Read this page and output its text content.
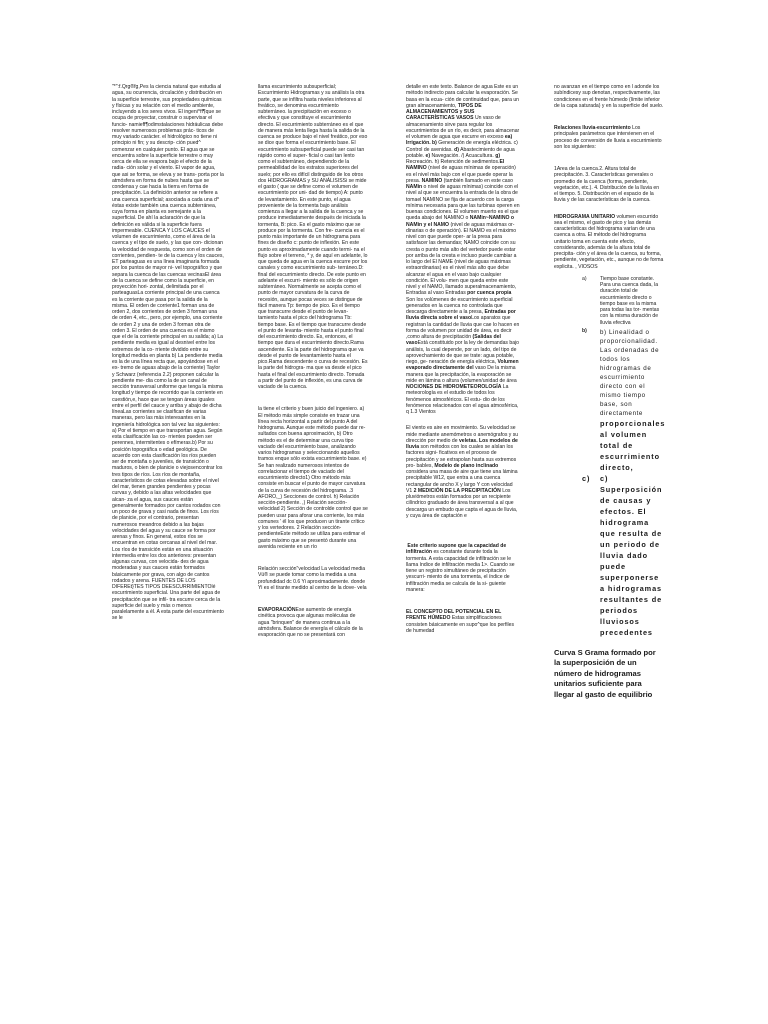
"*":f.Qrg®fg,Pes la ciencia natural que estudia al agua, su ocurrencia, circulación y distribución en la superficie terrestre, sus propiedades químicas y físicas y su relación con el medio ambiente, incluyendo a los seres vivos. El ingeni^ff¶que se ocupa de proyectar, construir o supervisar el funcio- namieff¶odimstalaciones hidráulicas debe resolver numerosos problemas prác- ticos de muy variado carácter. el hidrológico no tiene ni principio ni fin; y su descrip- ción pued^ comenzar en cualquier punto. El agua que se encuentra sobre la superficie terrestre o muy cerca de ella se evapora bajo el efecto de la radia- ción solar y el viento. El vapor de agua, que asi se forma, se eleva y se trans- porta por la atmósfera en forma de nubes hasta que se condensa y cae hacia la tierra en forma de precipitación. La definición anterior se refiere a una cuenca superficial; asociada a cada una d^ éstas existe también una cuenca subterránea, cuya forma en planta es semejante a la superficial. De ahí la aclaración de que la definición es válida si la superficie fuera impermeable. CUENCA Y LOS CAUCES el volumen de escurrimiento, como el área de la cuenca y el tipo de suelo, y las que con- dicionan la velocidad de respuesta, como son el orden de corrientes, pendien- te de la cuenca y los cauces, ET parteaguas es una línea imaginaria formada por los puntos de mayor ni- vel topográfico y que separa la cuenca de las cuencas vecinasEl área de la cuenca se define como la superficie, en proyección hori- zontal, delimitada por el parteaguasLa corriente principal de una cuenca es la corriente que pasa por la salida de la misma. El orden de corriente1 forman una de orden 2, dos corrientes de orden 3 forman una de orden 4, etc., pero, por ejemplo, una corriente de orden 2 y una de orden 3 forman otra de orden 3. El orden de una cuenca es el mismo que el de la corriente principal en su salida; a) La pendiente media es igual al desnivel entre los extremos de la co- rriente dividido entre su longitud medida en planta b) La pendiente media es la de una línea recta que, apoyándose en el ex- tremo de aguas abajo de la corriente) Taylor y Schwarz (referencia 2.2) proponen calcular la pendiente me- dia como la de un canal de sección transversal uniforme que tenga la misma longitud y tiempo de recorrido que la corriente en cuestión,e, hace que se tengan áreas iguales entre el perfil del cauce y arriba y abajo de dicha líneaLas corrientes se clasifican de varias maneras, pero las más interesantes en la ingeniería hidrológica son tal vez las siguientes: a) Por el tiempo en que transportan agua. Según esta clasificación las co- rrientes pueden ser perennes, intermitentes o efímeras.b) Por su posición topográfica o edad geológica. De acuerdo con esta clasificación los ríos pueden ser de montaña o juveniles, de transición o maduros, o bien de planicie o viejosencontrar los tres tipos de ríos. Los ríos de montaña, característicos de cotas elevadas sobre el nivel del mar, tienen grandes pendientes y pocas curvas y, debido a las altas velocidades que alcan- za el agua, sus cauces están generalmente formados por cantos rodados con un poco de grava y casi nada de finos. Los ríos de planicie, por el contrario, presentan numerosos meandros debido a las bajas velocidades del agua y su cauce se forma por arenas y finos. En general, estos ríos se encuentran en cotas cercanas al nivel del mar. Los ríos de transición están en una situación intermedia entre los dos anteriores: presentan algunas curvas, con velocida- des de agua moderadas y sus cauces están formados básicamente por grava, con algo de cantos rodados y arena. FUENTES DE LOS DIFEREt}TES TIPOS DEESCURRIMIENTOlé escurrimiento superficial. Una parte del agua de precipitación que se infil- tra escurre cerca de la superficie del suelo y más o menos paralelamente a él. A esta parte del escurrimiento se le

llama escurrimiento subsuperficial; Escurrimiento Hidrogramas y su análisis la otra parte, que se infiltra hasta niveles inferiores al freático, se denomina escurrimiento subterráneo. la precipitación en exceso o efectiva y que constituye el escurrimiento directo. El escurrimiento subterráneo es el que de manera más lenta llega hasta la salida de la cuenca se produce bajo el nivel freático, por eso se dice que forma el escurrimiento base. El escurrimiento subsuperficial puede ser casi tan rápido como el super- ficial o casi tan lento como el subterráneo, dependiendo de la permeabilidad de los estratos superiores del suelo; por ello es difícil distinguido de los otros dos HIDROGRAMAS y SU ANÁLISISSi se mide el gasto ( que se define como el volumen de escurrimiento por uni- dad de tiempo) A: punto de levantamiento. En este punto, el agua proveniente de la tormenta bajo análisis comienza a llegar a la salida de la cuenca y se produce inmediatamente después de iniciada la tormenta, B: pico. Es el gasto máximo que se produce por la tormenta. Con fre- cuencia es el punto más importante de un hidrograma para fines de diseño c: punto de inflexión. En este punto es aproximadamente cuando termi- na el flujo sobre el terreno, * y, de aquí en adelante, lo que queda de agua en la cuenca escurre por los canales y como escurrimiento sub- terráneo.D: final del escurrimiento directo. De este punto en adelante el escurri- miento es sólo de origen subterráneo. Normalmente se acepta como el punto de mayor curvatura de la curva de recesión, aunque pocas veces se distingue de fácil manera Tp: tiempo de pico. Es el tiempo que transcurre desde el punto de levan- tamiento hasta el pico del hidrograma Tb: tiempo base. Es el tiempo que transcurre desde el punto de levanta- miento hasta el punto final del escurrimiento directo. Es, entonces, el tiempo que dura el escurrimiento directo.Rama ascendente. Es la parte del hidrograma que va desde el punto de levantamiento hasta el pico.Rama descendente o curva de recesión. Es la parte del hidrogra- ma que va desde el pico hasta el final del escurrimiento directo. Tomada a partir del punto de inflexión, es una curva de vaciado de la cuenca.

la tiene el criterio y buen juicio del ingeniero. a) El método más simple consiste en trazar una línea recta horizontal a partir del punto A del hidrograma. Aunque este método puede dar re- sultados con buena aproximación, b) Otro método es el de determinar una curva tipo vaciado del escurrimiento base, analizando varios hidrogramas y seleccionando aquellos tramos enque sólo exista escurrimiento base. e) Se han realizado numerosos intentos de correlacionar el tiempo de vaciado del escurrimiento directo1) Otro método más consiste en buscar el punto de mayor curvatura de la curva de recesión del hidrograma. .3 AFORO,_) Secciones de control. h) Relación sección-pendiente. ,) Relación sección-velocidad 2) Sección de controlde control que se pueden usar para aforar una corriente, los más comunes ' él los que producen un tirante crítico y los vertedores. 2 Relación sección-pendienteEste método se utiliza para estimar el gasto máximo que se presentó durante una avenida reciente en un río

Relación sección"velocidad La velocidad media Vü® se puede tomar como la medida a una profundidad dc 0.6 Yi aproximadamente. donde Yi es el tirante medido al centro de la dove- vela

EVAPORACIÓNEse aumento de energía cinética provoca que algunas moléculas de agua "brinquen" de manera continua a la atmósfera. Balance de energía el cálculo de la evaporación que no se presentará con

detalle en este texto. Balance de agua Este es un método indirecto para calcular la evaporación. Se basa en la ecua- ción de continuidad que, para un gran almacenamiento, TIPOS DE ALMACENAMIENTOS y SUS CARACTERÍSTICAS VASOS Un vaso de almacenamiento sirve para regular los escurrimientos de un río, es decir, para almacenar el volumen de agua que escurre en exceso ea) Irrigación. b) Generación de energía eléctrica. c) Control de avenidas. d) Abastecimiento de agua potable. e) Navegación. /) Acuacultura. g) Recreación. h) Retención de sedimentos.El NAMINO (nivel de aguas mínimas de operación) es el nivel más bajo con el que puede operar la presa. NAMINO (también llamado en este caso NAMin o nivel de aguas mínimas) coincide con el nivel al que se encuentra la entrada de la obra de tomael NAMINO se fija de acuerdo con la carga mínima necesaria para que las turbinas operen en buenas condiciones. El volumen muerto es el que queda abajo del NAMINO o NAMin~NAMINO o NAMin y el NAMO (nivel de aguas máximas or- dinarias o de operación). El NAMO es el máximo nivel con que puede oper- ar la presa para satisfacer las demandas; NAMO coincide con su cresta o punto más alto del vertedor puede estar por arriba de la cresta e incluso puede cambiar a lo largo del El NAME (nivel de aguas máximas extraordinarias) es el nivel más alto que debe alcanzar el agua en el vaso bajo cualquier condición. El volu- men que queda entre este nivel y el NAMO, llamado superalmacenamiento, Entradas al vaso Entradas por cuenca propia Son los volúmenes de escurrimiento superficial generados en la cuenca no controlada que descarga directamente a la presa, Entradas por lluvia directa sobre el vasoLos aparatos que registran la cantidad de lluvia que cae lo hacen en forma de volumen por unidad de área, es decir ,como altura de precipitación (Salidas del vasoEstá constituido por la ley de demandas bajo análisis, la cual depende, por un lado, del tipo de aprovechamiento de que se trate: agua potable, riego, ge- neración de energía eléctrica, Volumen evaporado directamente del vaso De la misma manera que la precipitación, la evaporación se mide en lámina o altura (volumen/unidad de área NOCIONES DE HIDROMETEOROLOGÍA La meteorología es el estudio de todos los fenómenos atmosféricos. El estu- dio de los fenómenos relacionados con el agua atmosférica, q 1.3 Vientos

El viento es aire en movimiento. Su velocidad se mide mediante anemómetros o anemógrafos y su dirección por medio de veletas. Los modelos de lluvia son métodos con los cuales se aíslan los factores signi- ficativos en el proceso de precipitación y se extrapolan hasta sus extremos pro- bables, Modelo de plano inclinado considera una masa de aire que tiene una lámina precipitable W12, que entra a una cuenca rectangular de ancho X y largo Y con velocidad V1 2 MEDICIÓN DE LA PRECIPITACIÓN Los pluviómetros están formados por un recipiente cilíndrico graduado de área transversal a al que descarga un embudo que capta el agua de lluvia, y cuya área de captación e

Este criterio supone que la capacidad de infiltración es constante durante toda la tormenta. A esta capacidad de infiltración se le llama índice de infiltración media 1>. Cuando se tiene un registro simultáneo de precipitación yescurri- miento de una tormenta, el índice de infiltración media se calcula de la si- guiente manera:

EL CONCEPTO DEL POTENCIAL EN EL FRENTE HÚMEDO Estas simplificaciones consisten básicamente en supo^que los perfiles de humedad

no avanzan en el tiempo como en l adonde los subíndicesy sup denotan, respectivamente, las condiciones en el frente húmedo (límite inferior de la capa saturada) y en la superficie del suelo.

Relaciones lluvia-escurrimiento Los principales parámetros que intervienen en el proceso de conversión de lluvia a escurrimiento son los siguientes:

1Area de la cuenca.2. Altura total de precipitación. 3. Características generales o promedio de la cuenca (forma, pendiente, vegetación, etc.). 4. Distribución de la lluvia en el tiempo. 5. Distribución en el espacio de la lluvia y de las características de la cuenca.

HIDROGRAMA UNITARIO volumen escurrido sea el mismo, el gasto de pico y las demás características del hidrograma varían de una cuenca a otra. El método del hidrograma unitario toma en cuenta este efecto, considerando, además de la altura total de precipita- ción y el área de la cuenca, su forma, pendiente, vegetación, etc., aunque no de forma explicita. , VIOSOS

a)	Tiempo base constante. Para una cuenca dada, la duración total de escurrimiento directo o tiempo base es la misma para todas las tor- mentas con la misma duración de lluvia efectiva
b)	b) Linealidad o proporcionalidad. Las ordenadas de todos los hidrogramas de escurrimiento directo con el mismo tiempo base, son directamente
proporcionales al volumen total de escurrimiento directo,
c)	c) Superposición de causas y efectos. El hidrograma que resulta de un periodo de lluvia dado puede superponerse a hidrogramas resultantes de periodos lluviosos precedentes

Curva S Grama formado por la superposición de un número de hidrogramas unitarios suficiente para llegar al gasto de equilibrio
